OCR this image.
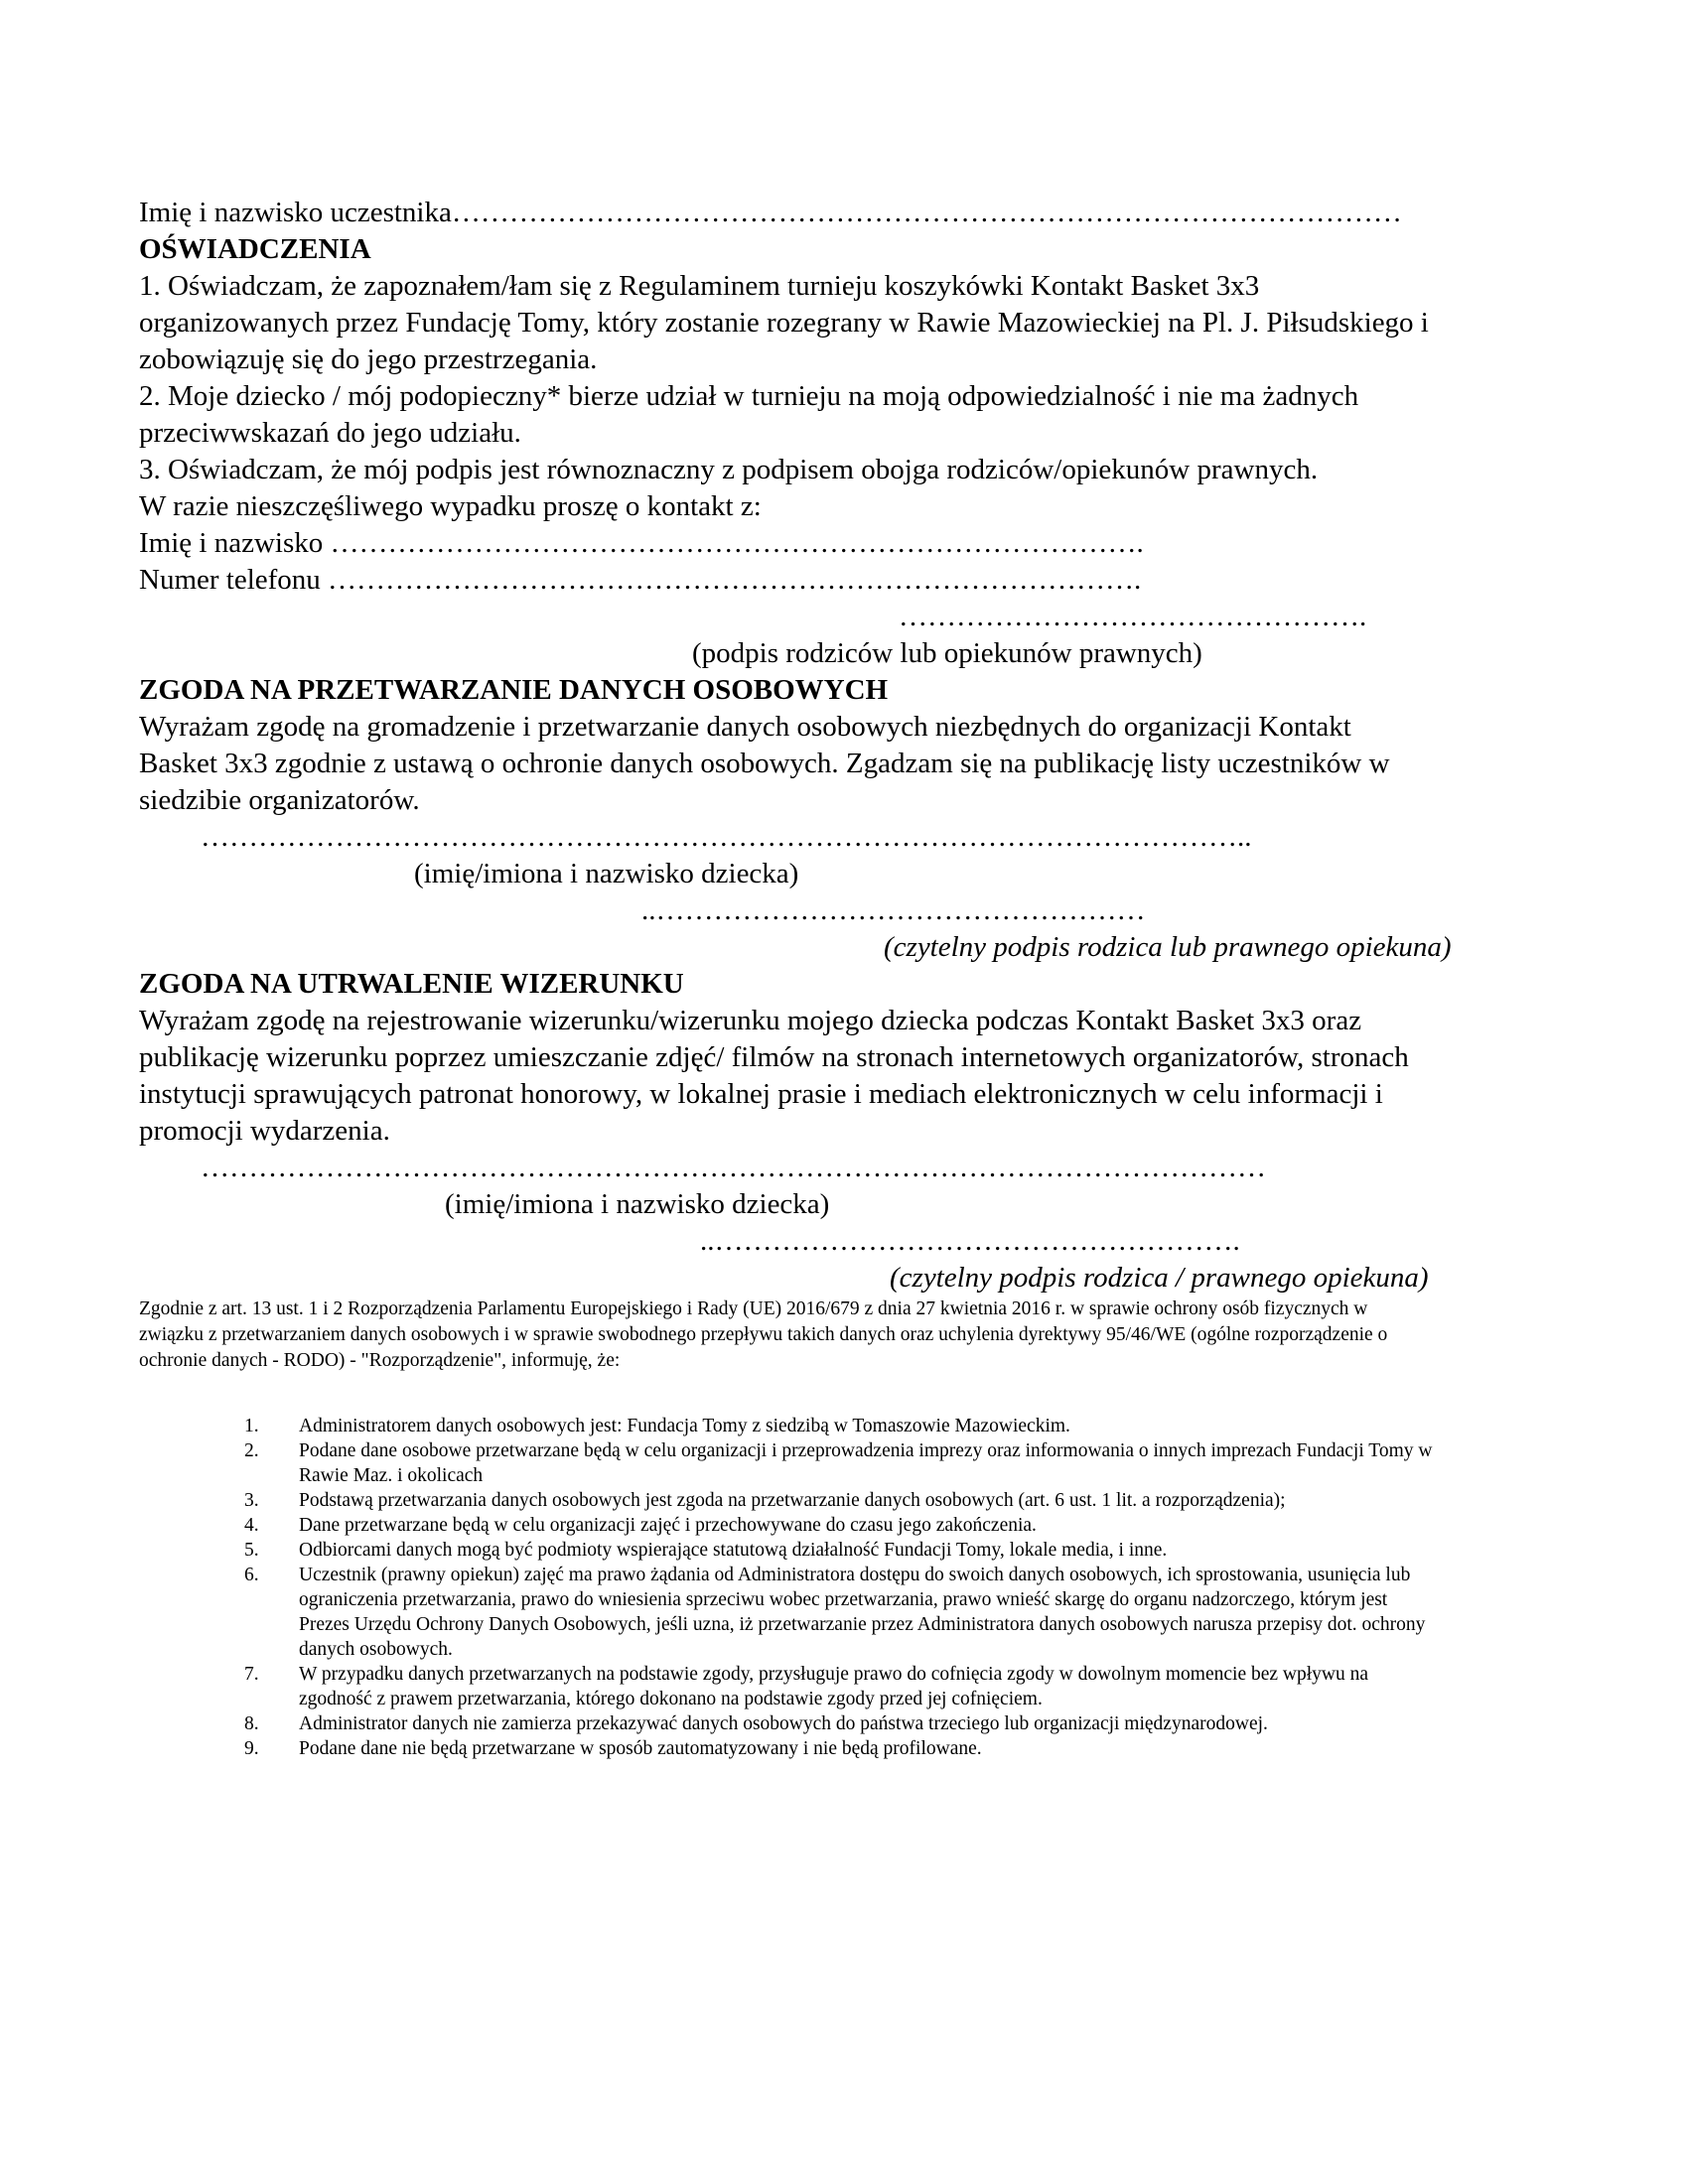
Imię i nazwisko uczestnika………………………………………………………………………………………

OŚWIADCZENIA

1. Oświadczam, że zapoznałem/łam się z Regulaminem turnieju koszykówki Kontakt Basket 3x3 organizowanych przez Fundację Tomy, który zostanie rozegrany w Rawie Mazowieckiej na Pl. J. Piłsudskiego i zobowiązuję się do jego przestrzegania.

2. Moje dziecko / mój podopieczny* bierze udział w turnieju na moją odpowiedzialność i nie ma żadnych przeciwwskazań do jego udziału.

3. Oświadczam, że mój podpis jest równoznaczny z podpisem obojga rodziców/opiekunów prawnych.

W razie nieszczęśliwego wypadku proszę o kontakt z:

Imię i nazwisko ………………………………………………………………………….

Numer telefonu ………………………………………………………………………….

………………………………………….

(podpis rodziców lub opiekunów prawnych)

ZGODA NA PRZETWARZANIE DANYCH OSOBOWYCH

Wyrażam zgodę na gromadzenie i przetwarzanie danych osobowych niezbędnych do organizacji Kontakt Basket 3x3 zgodnie z ustawą o ochronie danych osobowych. Zgadzam się na publikację listy uczestników w siedzibie organizatorów.

………………………………………………………………………………………………..

(imię/imiona i nazwisko dziecka)

..……………………………………………

(czytelny podpis rodzica lub prawnego opiekuna)

ZGODA NA UTRWALENIE WIZERUNKU

Wyrażam zgodę na rejestrowanie wizerunku/wizerunku mojego dziecka podczas Kontakt Basket 3x3 oraz publikację wizerunku poprzez umieszczanie zdjęć/ filmów na stronach internetowych organizatorów, stronach instytucji sprawujących patronat honorowy, w lokalnej prasie i mediach elektronicznych w celu informacji i promocji wydarzenia.

…………………………………………………………………………………………………

(imię/imiona i nazwisko dziecka)

..……………………………………………….

(czytelny podpis rodzica / prawnego opiekuna)

Zgodnie z art. 13 ust. 1 i 2 Rozporządzenia Parlamentu Europejskiego i Rady (UE) 2016/679 z dnia 27 kwietnia 2016 r. w sprawie ochrony osób fizycznych w związku z przetwarzaniem danych osobowych i w sprawie swobodnego przepływu takich danych oraz uchylenia dyrektywy 95/46/WE (ogólne rozporządzenie o ochronie danych - RODO) - "Rozporządzenie", informuję, że:

1.	Administratorem danych osobowych jest: Fundacja Tomy z siedzibą w Tomaszowie Mazowieckim.
2.	Podane dane osobowe przetwarzane będą w celu organizacji i przeprowadzenia imprezy oraz informowania o innych imprezach Fundacji Tomy w Rawie Maz. i okolicach
3.	Podstawą przetwarzania danych osobowych jest zgoda na przetwarzanie danych osobowych (art. 6 ust. 1 lit. a rozporządzenia);
4.	Dane przetwarzane będą w celu organizacji zajęć i przechowywane do czasu jego zakończenia.
5.	Odbiorcami danych mogą być podmioty wspierające statutową działalność Fundacji Tomy, lokale media, i inne.
6.	Uczestnik (prawny opiekun) zajęć ma prawo żądania od Administratora dostępu do swoich danych osobowych, ich sprostowania, usunięcia lub ograniczenia przetwarzania, prawo do wniesienia sprzeciwu wobec przetwarzania, prawo wnieść skargę do organu nadzorczego, którym jest Prezes Urzędu Ochrony Danych Osobowych, jeśli uzna, iż przetwarzanie przez Administratora danych osobowych narusza przepisy dot. ochrony danych osobowych.
7.	W przypadku danych przetwarzanych na podstawie zgody, przysługuje prawo do cofnięcia zgody w dowolnym momencie bez wpływu na zgodność z prawem przetwarzania, którego dokonano na podstawie zgody przed jej cofnięciem.
8.	Administrator danych nie zamierza przekazywać danych osobowych do państwa trzeciego lub organizacji międzynarodowej.
9.	Podane dane nie będą przetwarzane w sposób zautomatyzowany i nie będą profilowane.
